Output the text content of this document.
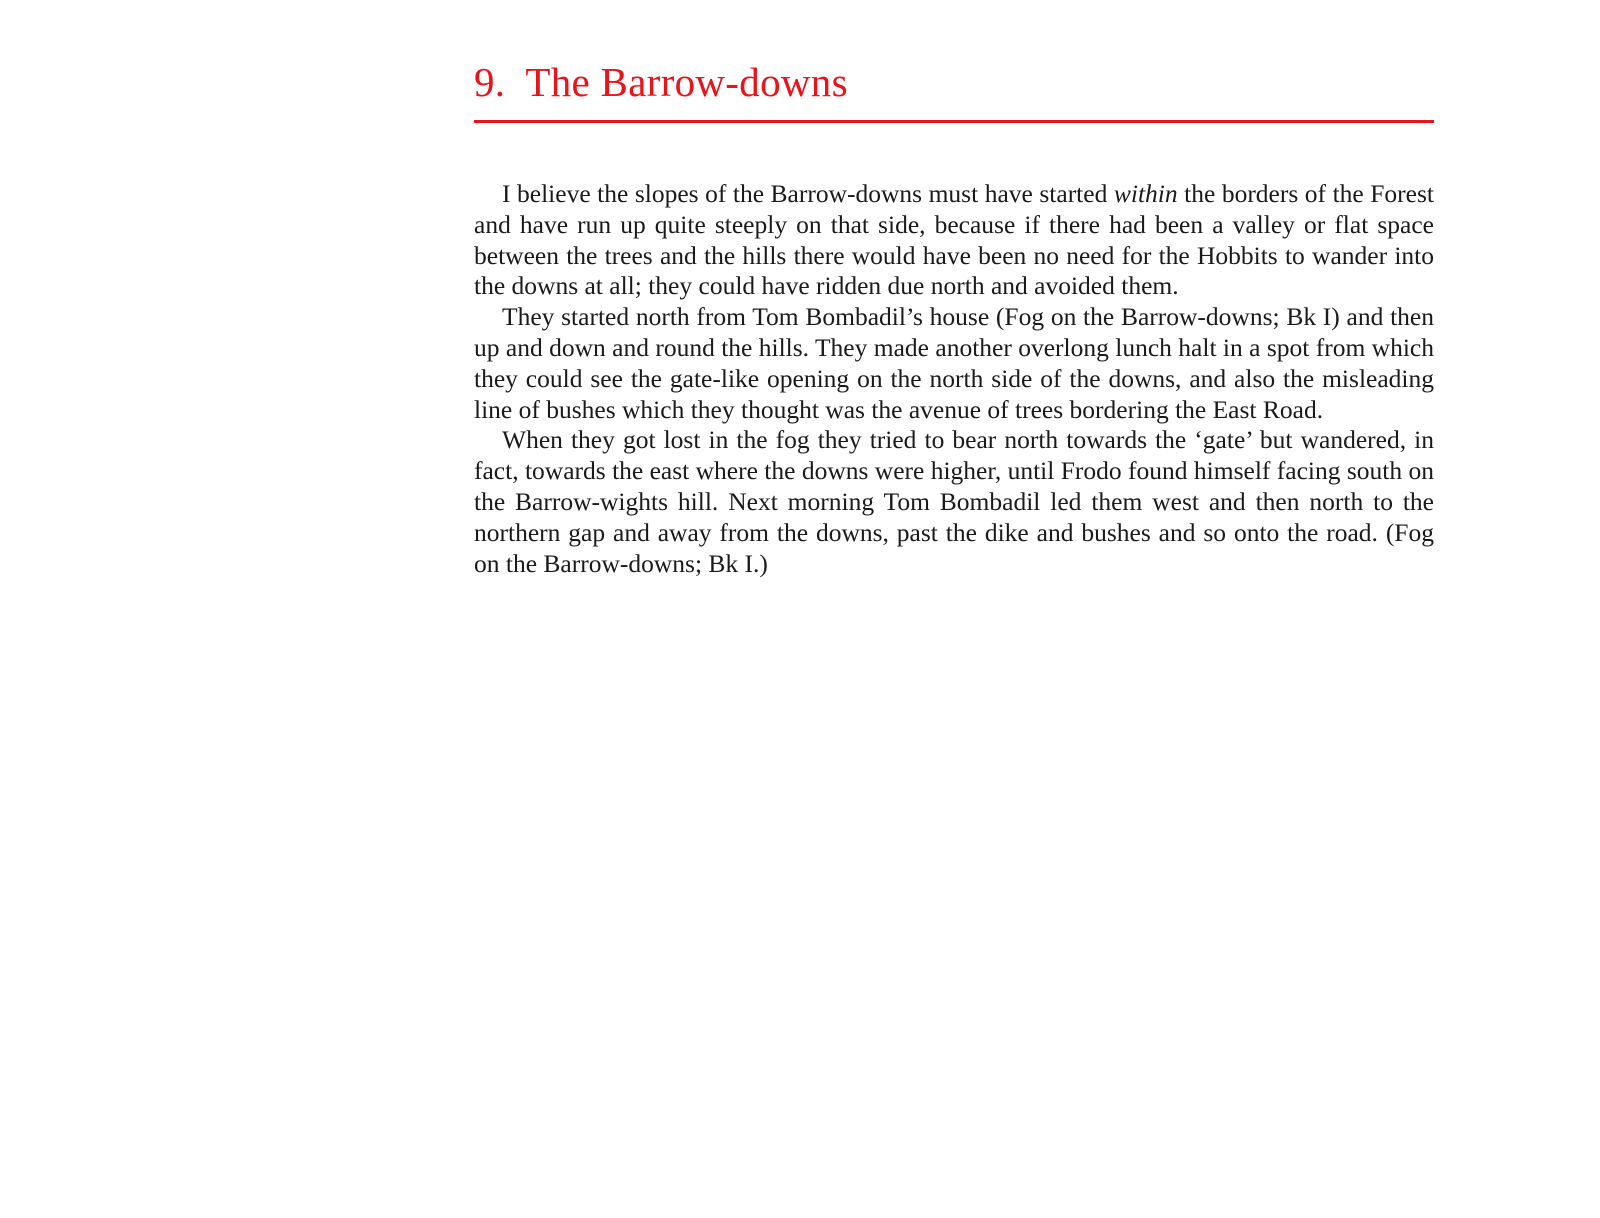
9. The Barrow-downs

I believe the slopes of the Barrow-downs must have started within the borders of the Forest and have run up quite steeply on that side, because if there had been a valley or flat space between the trees and the hills there would have been no need for the Hobbits to wander into the downs at all; they could have ridden due north and avoided them.

They started north from Tom Bombadil’s house (Fog on the Barrow-downs; Bk I) and then up and down and round the hills. They made another overlong lunch halt in a spot from which they could see the gate-like opening on the north side of the downs, and also the misleading line of bushes which they thought was the avenue of trees bordering the East Road.

When they got lost in the fog they tried to bear north towards the ‘gate’ but wandered, in fact, towards the east where the downs were higher, until Frodo found himself facing south on the Barrow-wights hill. Next morning Tom Bombadil led them west and then north to the northern gap and away from the downs, past the dike and bushes and so onto the road. (Fog on the Barrow-downs; Bk I.)
